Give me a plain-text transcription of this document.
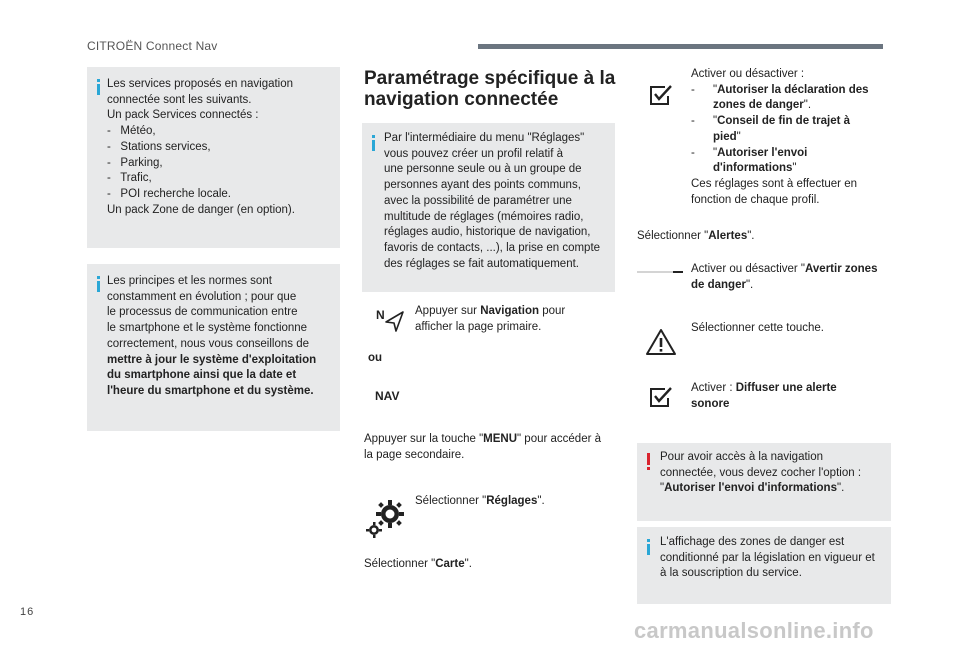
CITROËN Connect Nav
Les services proposés en navigation
connectée sont les suivants.
Un pack Services connectés :
-   Météo,
-   Stations services,
-   Parking,
-   Trafic,
-   POI recherche locale.
Un pack Zone de danger (en option).
Les principes et les normes sont
constamment en évolution ; pour que
le processus de communication entre
le smartphone et le système fonctionne
correctement, nous vous conseillons de
mettre à jour le système d'exploitation
du smartphone ainsi que la date et
l'heure du smartphone et du système.
Paramétrage spécifique à la
navigation connectée
Par l'intermédiaire du menu "Réglages"
vous pouvez créer un profil relatif à
une personne seule ou à un groupe de
personnes ayant des points communs,
avec la possibilité de paramétrer une
multitude de réglages (mémoires radio,
réglages audio, historique de navigation,
favoris de contacts, ...), la prise en compte
des réglages se fait automatiquement.
N	Appuyer sur Navigation pour
afficher la page primaire.
ou
NAV
Appuyer sur la touche "MENU" pour accéder à
la page secondaire.
Sélectionner "Réglages".
Sélectionner "Carte".
Activer ou désactiver :
- "Autoriser la déclaration des
zones de danger".
- "Conseil de fin de trajet à
pied"
- "Autoriser l'envoi
d'informations"
Ces réglages sont à effectuer en
fonction de chaque profil.
Sélectionner "Alertes".
Activer ou désactiver "Avertir zones
de danger".
Sélectionner cette touche.
Activer : Diffuser une alerte
sonore
Pour avoir accès à la navigation
connectée, vous devez cocher l'option :
"Autoriser l'envoi d'informations".
L'affichage des zones de danger est
conditionné par la législation en vigueur et
à la souscription du service.
16
carmanualsonline.info
